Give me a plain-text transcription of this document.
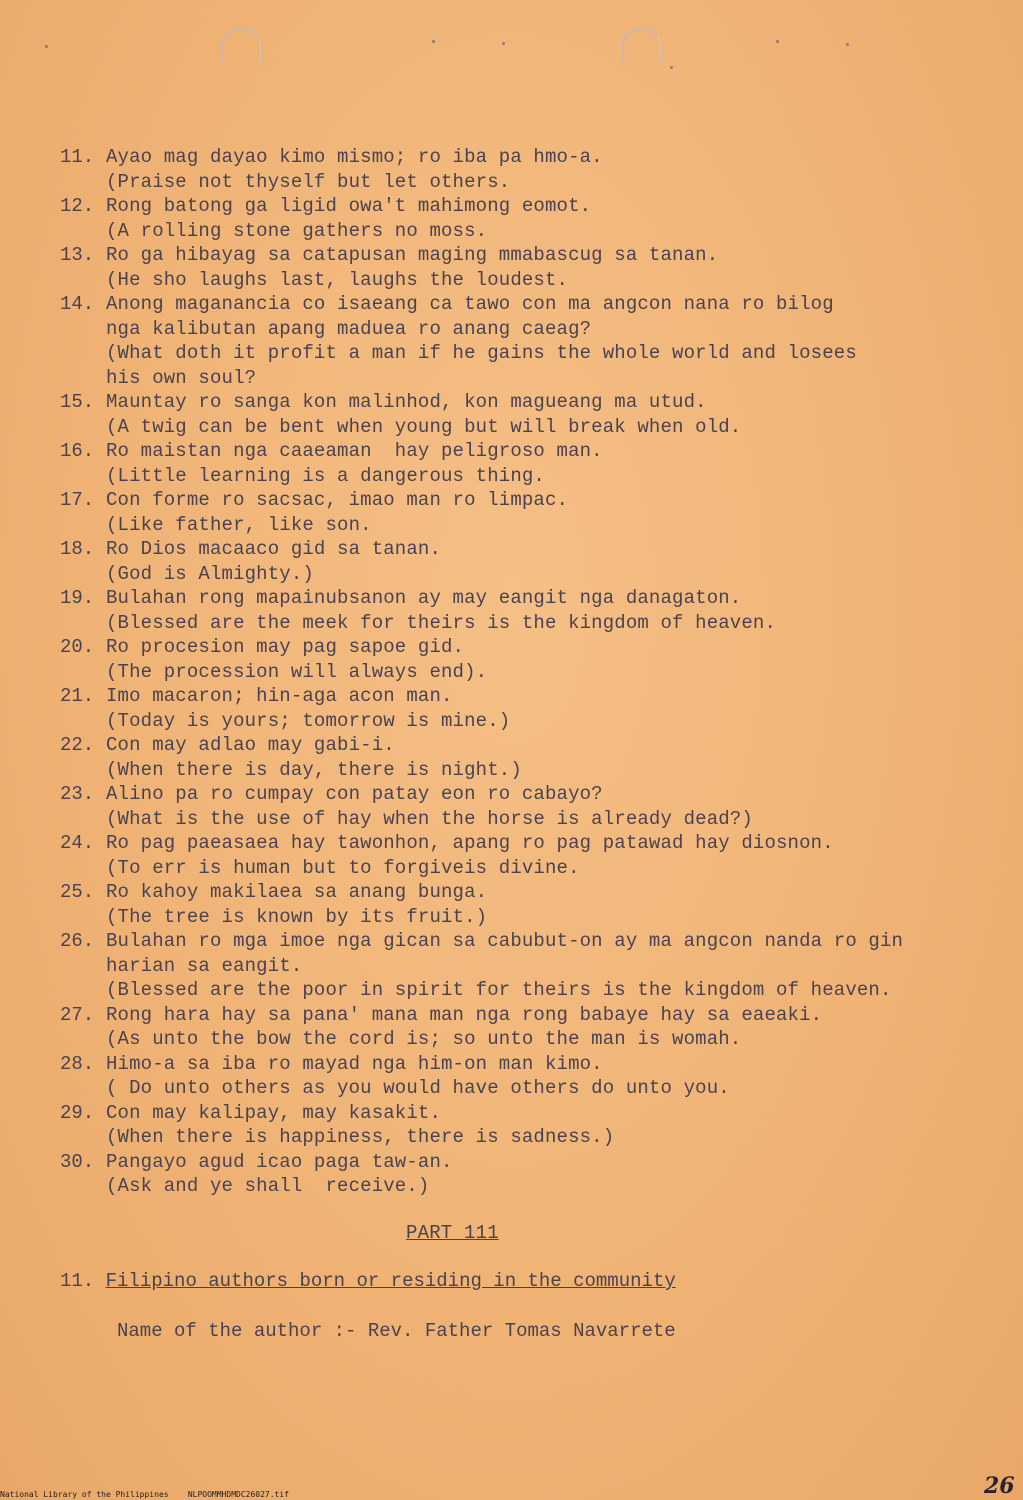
11. Ayao mag dayao kimo mismo; ro iba pa hmo-a.
(Praise not thyself but let others.
12. Rong batong ga ligid owa't mahimong eomot.
(A rolling stone gathers no moss.
13. Ro ga hibayag sa catapusan maging mmabascug sa tanan.
(He sho laughs last, laughs the loudest.
14. Anong maganancia co isaeang ca tawo con ma angcon nana ro bilog
nga kalibutan apang maduea ro anang caeag?
(What doth it profit a man if he gains the whole world and losees
his own soul?
15. Mauntay ro sanga kon malinhod, kon magueang ma utud.
(A twig can be bent when young but will break when old.
16. Ro maistan nga caaeaman  hay peligroso man.
(Little learning is a dangerous thing.
17. Con forme ro sacsac, imao man ro limpac.
(Like father, like son.
18. Ro Dios macaaco gid sa tanan.
(God is Almighty.)
19. Bulahan rong mapainubsanon ay may eangit nga danagaton.
(Blessed are the meek for theirs is the kingdom of heaven.
20. Ro procesion may pag sapoe gid.
(The procession will always end).
21. Imo macaron; hin-aga acon man.
(Today is yours; tomorrow is mine.)
22. Con may adlao may gabi-i.
(When there is day, there is night.)
23. Alino pa ro cumpay con patay eon ro cabayo?
(What is the use of hay when the horse is already dead?)
24. Ro pag paeasaea hay tawonhon, apang ro pag patawad hay diosnon.
(To err is human but to forgiveis divine.
25. Ro kahoy makilaea sa anang bunga.
(The tree is known by its fruit.)
26. Bulahan ro mga imoe nga gican sa cabubut-on ay ma angcon nanda ro gin
harian sa eangit.
(Blessed are the poor in spirit for theirs is the kingdom of heaven.
27. Rong hara hay sa pana' mana man nga rong babaye hay sa eaeaki.
(As unto the bow the cord is; so unto the man is womah.
28. Himo-a sa iba ro mayad nga him-on man kimo.
( Do unto others as you would have others do unto you.
29. Con may kalipay, may kasakit.
(When there is happiness, there is sadness.)
30. Pangayo agud icao paga taw-an.
(Ask and ye shall  receive.)
PART 111
11. Filipino authors born or residing in the community
Name of the author :- Rev. Father Tomas Navarrete
National Library of the Philippines    NLPOOMMHDMDC26027.tif	26
